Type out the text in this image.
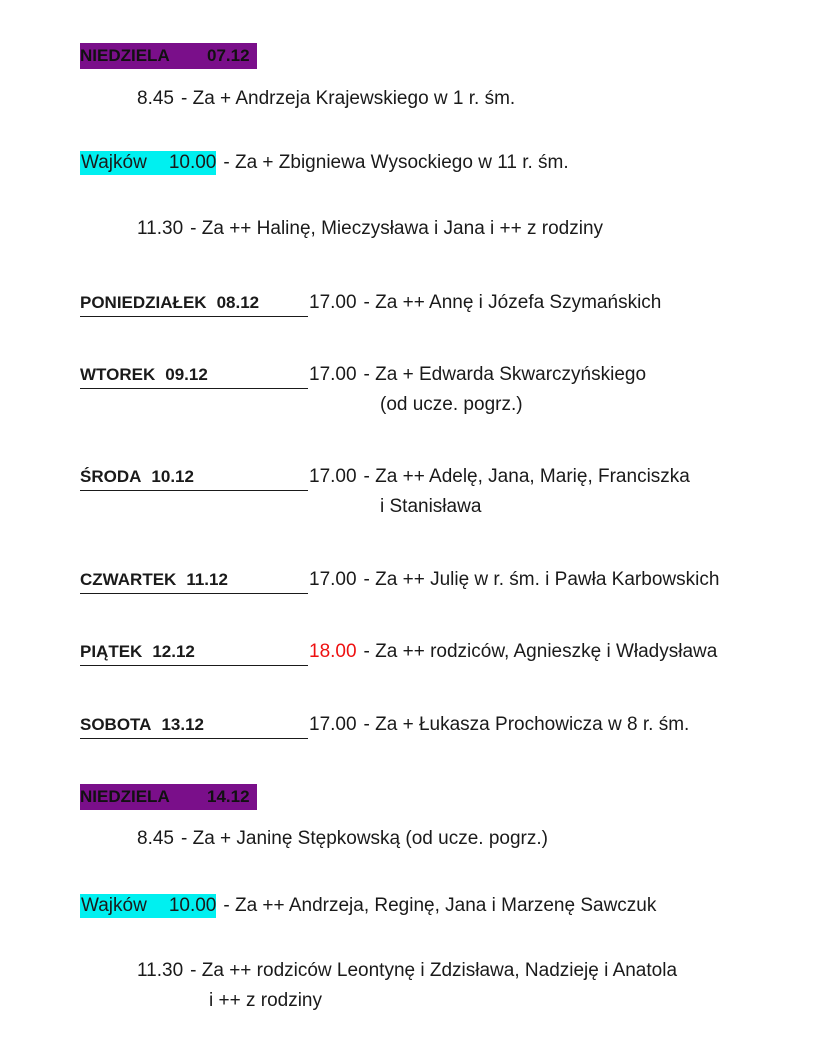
NIEDZIELA 07.12
8.45 - Za + Andrzeja Krajewskiego w 1 r. śm.
Wajków 10.00 - Za + Zbigniewa Wysockiego w 11 r. śm.
11.30 - Za ++ Halinę, Mieczysława i Jana i ++ z rodziny
PONIEDZIAŁEK 08.12	17.00 - Za ++ Annę i Józefa Szymańskich
WTOREK 09.12	17.00 - Za + Edwarda Skwarczyńskiego
(od ucze. pogrz.)
ŚRODA 10.12	17.00 - Za ++ Adelę, Jana, Marię, Franciszka
i Stanisława
CZWARTEK 11.12	17.00 - Za ++ Julię w r. śm. i Pawła Karbowskich
PIĄTEK 12.12	18.00 - Za ++ rodziców, Agnieszkę i Władysława
SOBOTA 13.12	17.00 - Za + Łukasza Prochowicza w 8 r. śm.
NIEDZIELA 14.12
8.45 - Za + Janinę Stępkowską (od ucze. pogrz.)
Wajków 10.00 - Za ++ Andrzeja, Reginę, Jana i Marzenę Sawczuk
11.30 - Za ++ rodziców Leontynę i Zdzisława, Nadzieję i Anatola
i ++ z rodziny
